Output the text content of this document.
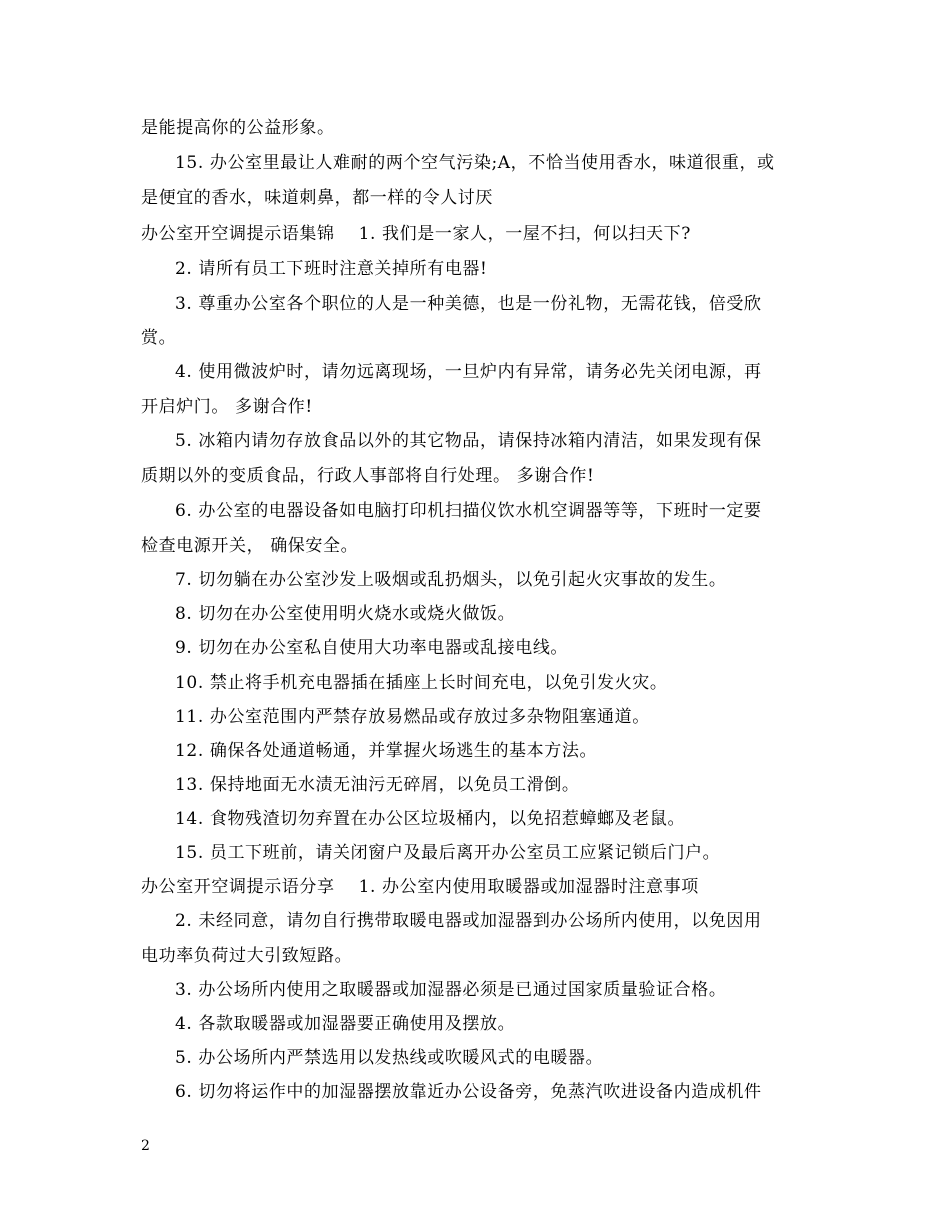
是能提高你的公益形象。
15. 办公室里最让人难耐的两个空气污染;A，不恰当使用香水，味道很重，或
是便宜的香水，味道刺鼻，都一样的令人讨厌
办公室开空调提示语集锦    1. 我们是一家人，一屋不扫，何以扫天下?
2. 请所有员工下班时注意关掉所有电器!
3. 尊重办公室各个职位的人是一种美德，也是一份礼物，无需花钱，倍受欣
赏。
4. 使用微波炉时，请勿远离现场，一旦炉内有异常，请务必先关闭电源，再
开启炉门。 多谢合作!
5. 冰箱内请勿存放食品以外的其它物品，请保持冰箱内清洁，如果发现有保
质期以外的变质食品，行政人事部将自行处理。 多谢合作!
6. 办公室的电器设备如电脑打印机扫描仪饮水机空调器等等，下班时一定要
检查电源开关， 确保安全。
7. 切勿躺在办公室沙发上吸烟或乱扔烟头，以免引起火灾事故的发生。
8. 切勿在办公室使用明火烧水或烧火做饭。
9. 切勿在办公室私自使用大功率电器或乱接电线。
10. 禁止将手机充电器插在插座上长时间充电，以免引发火灾。
11. 办公室范围内严禁存放易燃品或存放过多杂物阻塞通道。
12. 确保各处通道畅通，并掌握火场逃生的基本方法。
13. 保持地面无水渍无油污无碎屑，以免员工滑倒。
14. 食物残渣切勿弃置在办公区垃圾桶内，以免招惹蟑螂及老鼠。
15. 员工下班前，请关闭窗户及最后离开办公室员工应紧记锁后门户。
办公室开空调提示语分享    1. 办公室内使用取暖器或加湿器时注意事项
2. 未经同意，请勿自行携带取暖电器或加湿器到办公场所内使用，以免因用
电功率负荷过大引致短路。
3. 办公场所内使用之取暖器或加湿器必须是已通过国家质量验证合格。
4. 各款取暖器或加湿器要正确使用及摆放。
5. 办公场所内严禁选用以发热线或吹暖风式的电暖器。
6. 切勿将运作中的加湿器摆放靠近办公设备旁，免蒸汽吹进设备内造成机件
2
